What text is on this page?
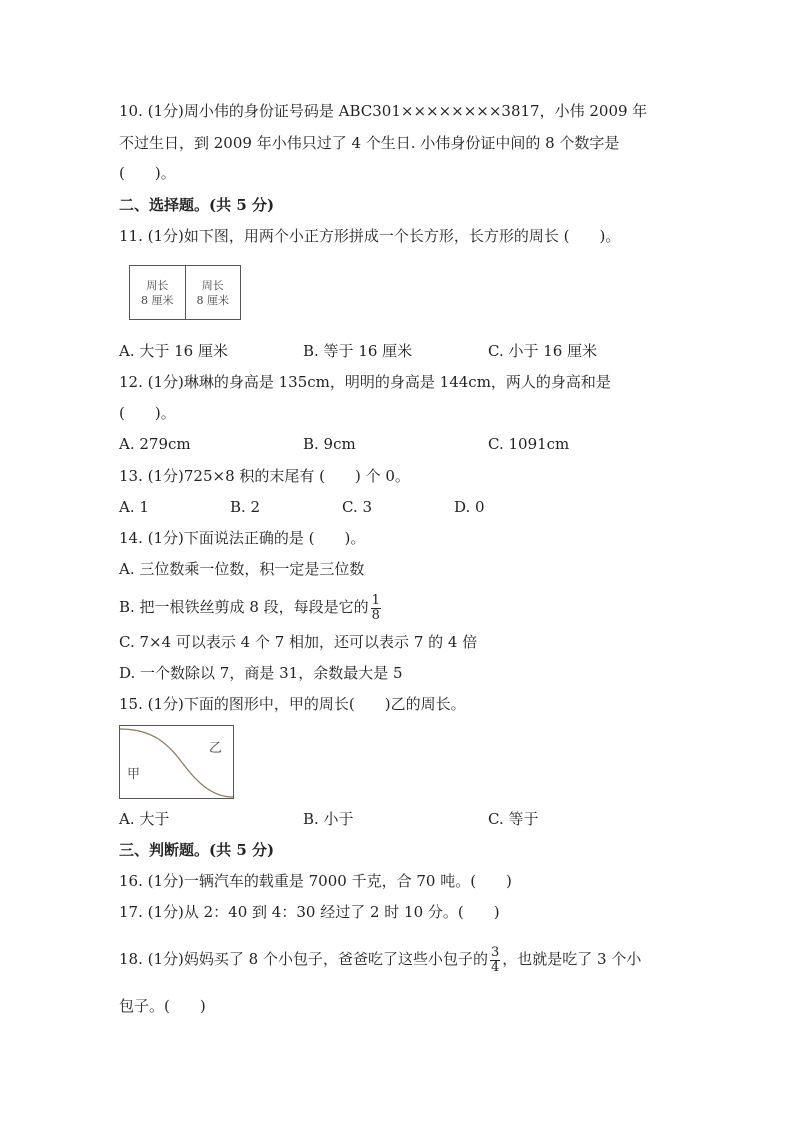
10. (1分)周小伟的身份证号码是 ABC301××××××××3817，小伟 2009 年
不过生日，到 2009 年小伟只过了 4 个生日. 小伟身份证中间的 8 个数字是
(　　)。
二、选择题。(共 5 分)
11. (1分)如下图，用两个小正方形拼成一个长方形，长方形的周长 (　　)。
周长
8 厘米
周长
8 厘米
A. 大于 16 厘米	B. 等于 16 厘米	C. 小于 16 厘米
12. (1分)琳琳的身高是 135cm，明明的身高是 144cm，两人的身高和是
(　　)。
A. 279cm	B. 9cm	C. 1091cm
13. (1分)725×8 积的末尾有 (　　) 个 0。
A. 1	B. 2	C. 3	D. 0
14. (1分)下面说法正确的是 (　　)。
A. 三位数乘一位数，积一定是三位数
B. 把一根铁丝剪成 8 段，每段是它的 $\frac{1}{8}$
C. 7×4 可以表示 4 个 7 相加，还可以表示 7 的 4 倍
D. 一个数除以 7，商是 31，余数最大是 5
15. (1分)下面的图形中，甲的周长(　　)乙的周长。
甲
乙
A. 大于	B. 小于	C. 等于
三、判断题。(共 5 分)
16. (1分)一辆汽车的载重是 7000 千克，合 70 吨。(　　)
17. (1分)从 2：40 到 4：30 经过了 2 时 10 分。(　　)
18. (1分)妈妈买了 8 个小包子，爸爸吃了这些小包子的 $\frac{3}{4}$ ，也就是吃了 3 个小
包子。(　　)
